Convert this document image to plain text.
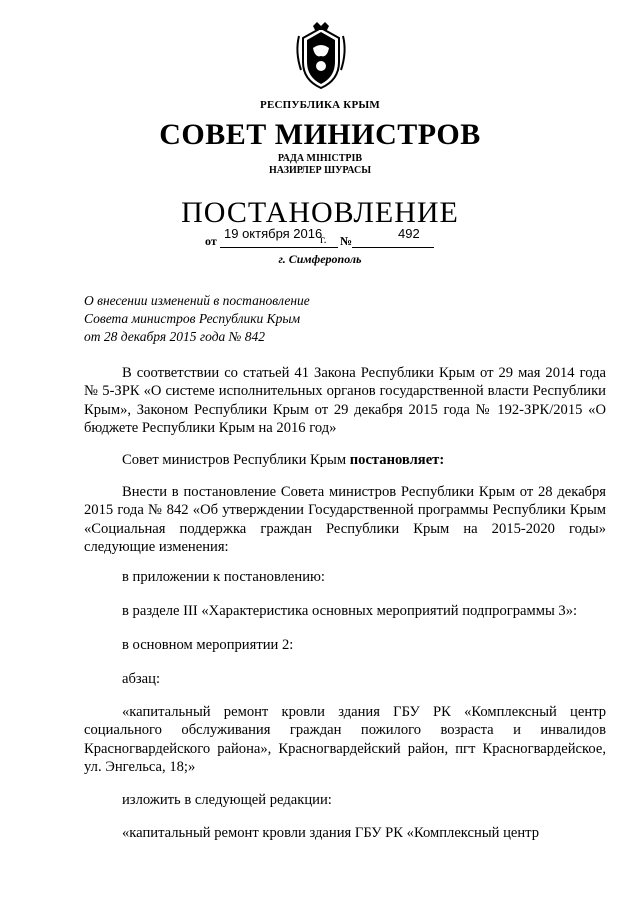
РЕСПУБЛИКА КРЫМ
СОВЕТ МИНИСТРОВ
РАДА МІНІСТРІВ
НАЗИРЛЕР ШУРАСЫ
ПОСТАНОВЛЕНИЕ
от 19 октября 2016
г. №	492
г. Симферополь
О внесении изменений в постановление
Совета министров Республики Крым
от 28 декабря 2015 года № 842
В соответствии со статьей 41 Закона Республики Крым от 29 мая 2014 года № 5-ЗРК «О системе исполнительных органов государственной власти Республики Крым», Законом Республики Крым от 29 декабря 2015 года № 192-ЗРК/2015 «О бюджете Республики Крым на 2016 год»
Совет министров Республики Крым постановляет:
Внести в постановление Совета министров Республики Крым от 28 декабря 2015 года № 842 «Об утверждении Государственной программы Республики Крым «Социальная поддержка граждан Республики Крым на 2015-2020 годы» следующие изменения:
в приложении к постановлению:
в разделе III «Характеристика основных мероприятий подпрограммы 3»:
в основном мероприятии 2:
абзац:
«капитальный ремонт кровли здания ГБУ РК «Комплексный центр социального обслуживания граждан пожилого возраста и инвалидов Красногвардейского района», Красногвардейский район, пгт Красногвардейское, ул. Энгельса, 18;»
изложить в следующей редакции:
«капитальный ремонт кровли здания ГБУ РК «Комплексный центр
